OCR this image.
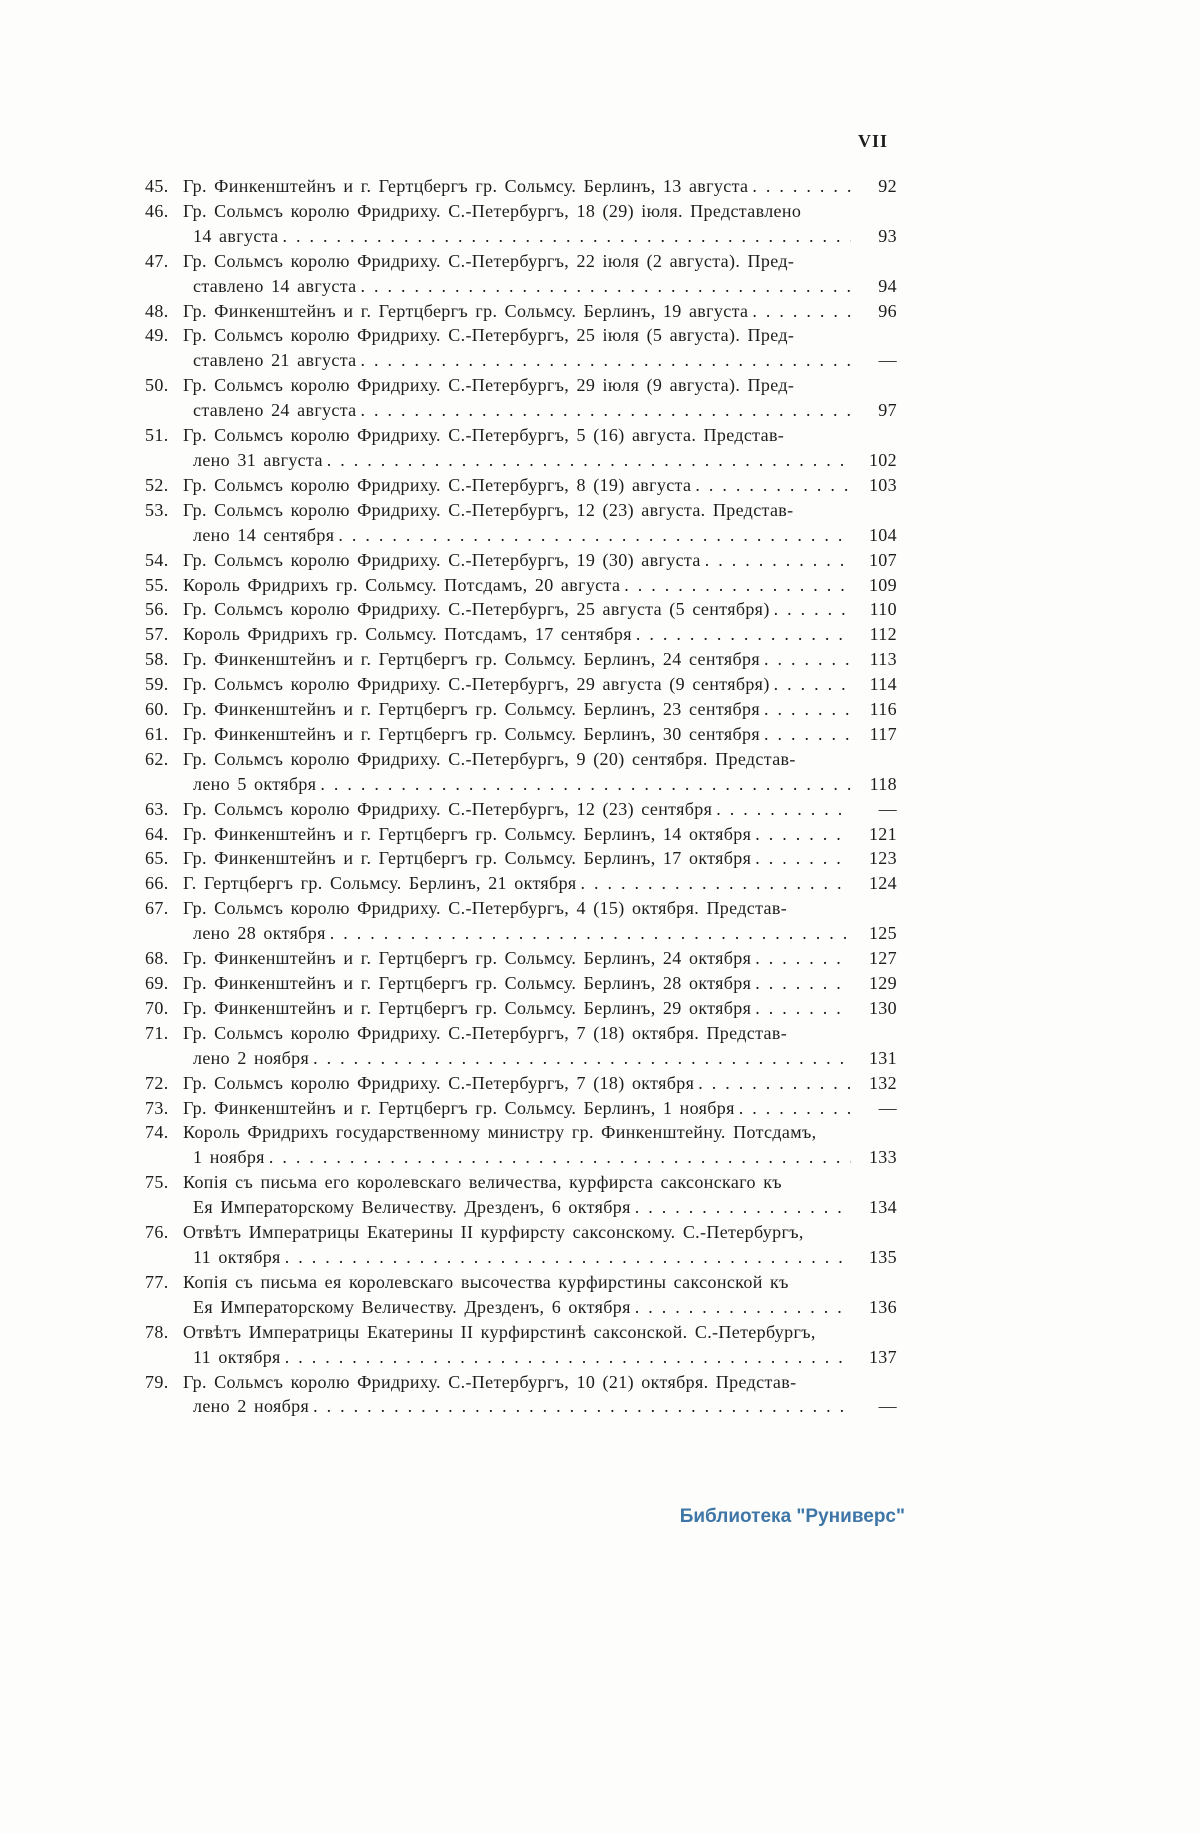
VII
45. Гр. Финкенштейнъ и г. Гертцбергъ гр. Сольмсу. Берлинъ, 13 августа . . .	92
46. Гр. Сольмсъ королю Фридриху. С.-Петербургъ, 18 (29) іюля. Представлено
14 августа . . .	93
47. Гр. Сольмсъ королю Фридриху. С.-Петербургъ, 22 іюля (2 августа). Пред-
ставлено 14 августа . . .	94
48. Гр. Финкенштейнъ и г. Гертцбергъ гр. Сольмсу. Берлинъ, 19 августа . . .	96
49. Гр. Сольмсъ королю Фридриху. С.-Петербургъ, 25 іюля (5 августа). Пред-
ставлено 21 августа . . .	—
50. Гр. Сольмсъ королю Фридриху. С.-Петербургъ, 29 іюля (9 августа). Пред-
ставлено 24 августа . . .	97
51. Гр. Сольмсъ королю Фридриху. С.-Петербургъ, 5 (16) августа. Представ-
лено 31 августа . . .	102
52. Гр. Сольмсъ королю Фридриху. С.-Петербургъ, 8 (19) августа . . .	103
53. Гр. Сольмсъ королю Фридриху. С.-Петербургъ, 12 (23) августа. Представ-
лено 14 сентября . . .	104
54. Гр. Сольмсъ королю Фридриху. С.-Петербургъ, 19 (30) августа . . .	107
55. Король Фридрихъ гр. Сольмсу. Потсдамъ, 20 августа . . .	109
56. Гр. Сольмсъ королю Фридриху. С.-Петербургъ, 25 августа (5 сентября) . . .	110
57. Король Фридрихъ гр. Сольмсу. Потсдамъ, 17 сентября . . .	112
58. Гр. Финкенштейнъ и г. Гертцбергъ гр. Сольмсу. Берлинъ, 24 сентября . . .	113
59. Гр. Сольмсъ королю Фридриху. С.-Петербургъ, 29 августа (9 сентября) . . .	114
60. Гр. Финкенштейнъ и г. Гертцбергъ гр. Сольмсу. Берлинъ, 23 сентября . . .	116
61. Гр. Финкенштейнъ и г. Гертцбергъ гр. Сольмсу. Берлинъ, 30 сентября . . .	117
62. Гр. Сольмсъ королю Фридриху. С.-Петербургъ, 9 (20) сентября. Представ-
лено 5 октября . . .	118
63. Гр. Сольмсъ королю Фридриху. С.-Петербургъ, 12 (23) сентября . . .	—
64. Гр. Финкенштейнъ и г. Гертцбергъ гр. Сольмсу. Берлинъ, 14 октября . . .	121
65. Гр. Финкенштейнъ и г. Гертцбергъ гр. Сольмсу. Берлинъ, 17 октября . . .	123
66. Г. Гертцбергъ гр. Сольмсу. Берлинъ, 21 октября . . .	124
67. Гр. Сольмсъ королю Фридриху. С.-Петербургъ, 4 (15) октября. Представ-
лено 28 октября . . .	125
68. Гр. Финкенштейнъ и г. Гертцбергъ гр. Сольмсу. Берлинъ, 24 октября . . .	127
69. Гр. Финкенштейнъ и г. Гертцбергъ гр. Сольмсу. Берлинъ, 28 октября . . .	129
70. Гр. Финкенштейнъ и г. Гертцбергъ гр. Сольмсу. Берлинъ, 29 октября . . .	130
71. Гр. Сольмсъ королю Фридриху. С.-Петербургъ, 7 (18) октября. Представ-
лено 2 ноября . . .	131
72. Гр. Сольмсъ королю Фридриху. С.-Петербургъ, 7 (18) октября . . .	132
73. Гр. Финкенштейнъ и г. Гертцбергъ гр. Сольмсу. Берлинъ, 1 ноября . . .	—
74. Король Фридрихъ государственному министру гр. Финкенштейну. Потсдамъ,
1 ноября . . .	133
75. Копія съ письма его королевскаго величества, курфирста саксонскаго къ
Ея Императорскому Величеству. Дрезденъ, 6 октября . . .	134
76. Отвѣтъ Императрицы Екатерины II курфирсту саксонскому. С.-Петербургъ,
11 октября . . .	135
77. Копія съ письма ея королевскаго высочества курфирстины саксонской къ
Ея Императорскому Величеству. Дрезденъ, 6 октября . . .	136
78. Отвѣтъ Императрицы Екатерины II курфирстинѣ саксонской. С.-Петербургъ,
11 октября . . .	137
79. Гр. Сольмсъ королю Фридриху. С.-Петербургъ, 10 (21) октября. Представ-
лено 2 ноября . . .	—
Библиотека "Руниверс"
